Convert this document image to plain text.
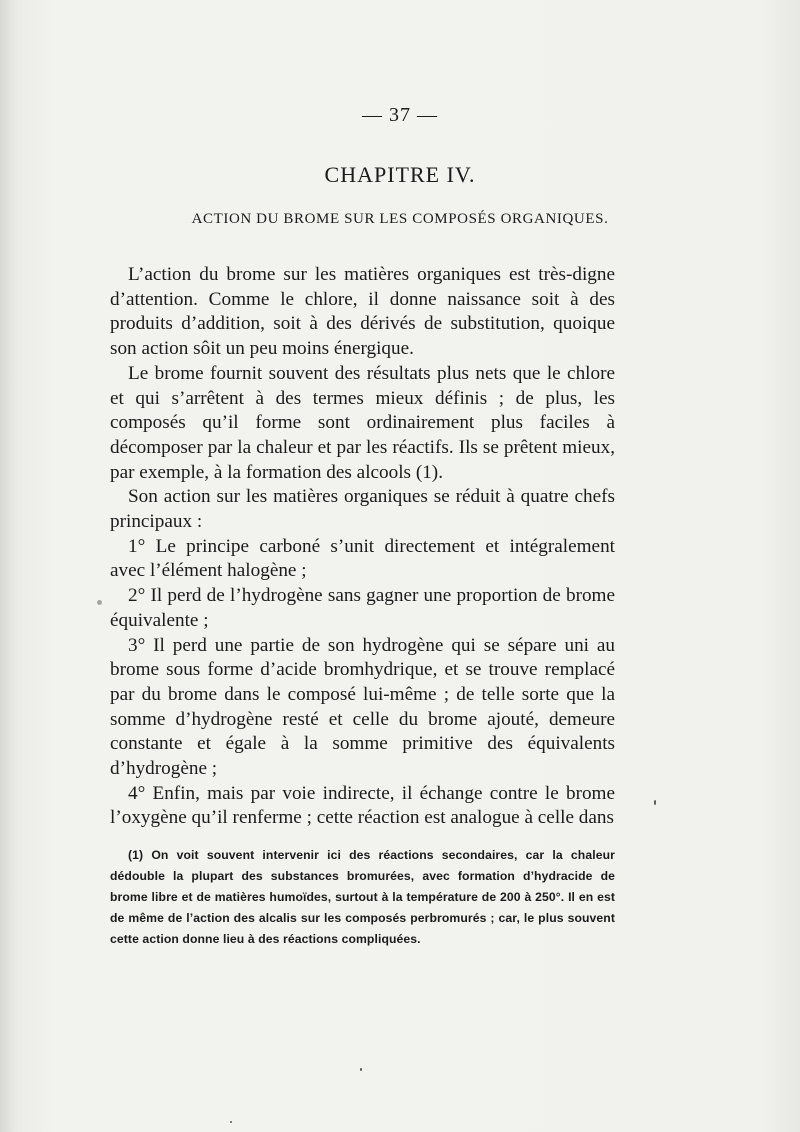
— 37 —
CHAPITRE IV.
ACTION DU BROME SUR LES COMPOSÉS ORGANIQUES.

L’action du brome sur les matières organiques est très-digne d’attention. Comme le chlore, il donne naissance soit à des produits d’addition, soit à des dérivés de substitution, quoique son action sôit un peu moins énergique.

Le brome fournit souvent des résultats plus nets que le chlore et qui s’arrêtent à des termes mieux définis ; de plus, les composés qu’il forme sont ordinairement plus faciles à décomposer par la chaleur et par les réactifs. Ils se prêtent mieux, par exemple, à la formation des alcools (1).

Son action sur les matières organiques se réduit à quatre chefs principaux :

1° Le principe carboné s’unit directement et intégralement avec l’élément halogène ;

2° Il perd de l’hydrogène sans gagner une proportion de brome équivalente ;

3° Il perd une partie de son hydrogène qui se sépare uni au brome sous forme d’acide bromhydrique, et se trouve remplacé par du brome dans le composé lui-même ; de telle sorte que la somme d’hydrogène resté et celle du brome ajouté, demeure constante et égale à la somme primitive des équivalents d’hydrogène ;

4° Enfin, mais par voie indirecte, il échange contre le brome l’oxygène qu’il renferme ; cette réaction est analogue à celle dans

(1) On voit souvent intervenir ici des réactions secondaires, car la chaleur dédouble la plupart des substances bromurées, avec formation d’hydracide de brome libre et de matières humoïdes, surtout à la température de 200 à 250°. Il en est de même de l’action des alcalis sur les composés perbromurés ; car, le plus souvent cette action donne lieu à des réactions compliquées.
